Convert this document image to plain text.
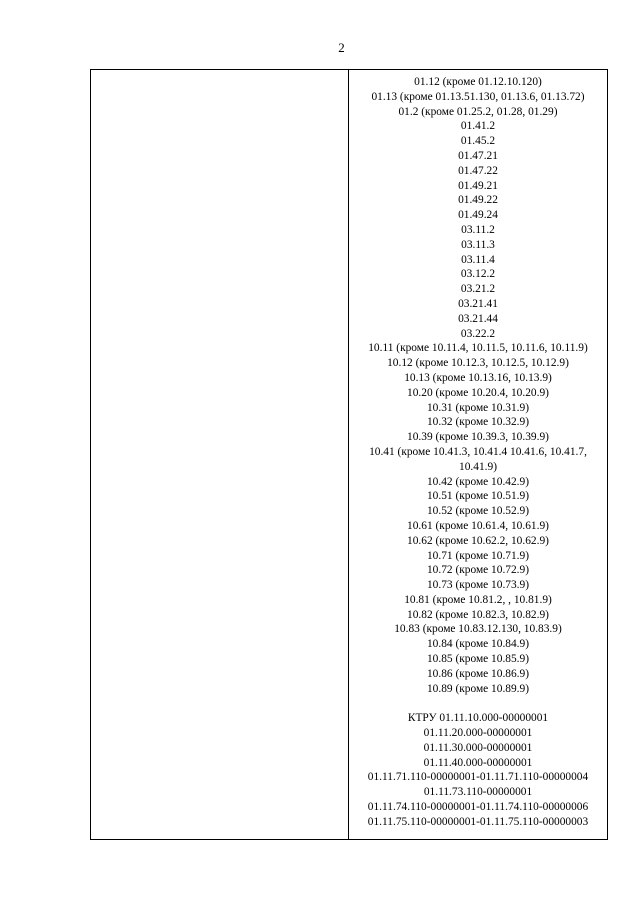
2

01.12 (кроме 01.12.10.120)
01.13 (кроме 01.13.51.130, 01.13.6, 01.13.72)
01.2 (кроме 01.25.2, 01.28, 01.29)
01.41.2
01.45.2
01.47.21
01.47.22
01.49.21
01.49.22
01.49.24
03.11.2
03.11.3
03.11.4
03.12.2
03.21.2
03.21.41
03.21.44
03.22.2
10.11 (кроме 10.11.4, 10.11.5, 10.11.6, 10.11.9)
10.12 (кроме 10.12.3, 10.12.5, 10.12.9)
10.13 (кроме 10.13.16, 10.13.9)
10.20 (кроме 10.20.4, 10.20.9)
10.31 (кроме 10.31.9)
10.32 (кроме 10.32.9)
10.39 (кроме 10.39.3, 10.39.9)
10.41 (кроме 10.41.3, 10.41.4 10.41.6, 10.41.7,
10.41.9)
10.42 (кроме 10.42.9)
10.51 (кроме 10.51.9)
10.52 (кроме 10.52.9)
10.61 (кроме 10.61.4, 10.61.9)
10.62 (кроме 10.62.2, 10.62.9)
10.71 (кроме 10.71.9)
10.72 (кроме 10.72.9)
10.73 (кроме 10.73.9)
10.81 (кроме 10.81.2, , 10.81.9)
10.82 (кроме 10.82.3, 10.82.9)
10.83 (кроме 10.83.12.130, 10.83.9)
10.84 (кроме 10.84.9)
10.85 (кроме 10.85.9)
10.86 (кроме 10.86.9)
10.89 (кроме 10.89.9)
КТРУ 01.11.10.000-00000001
01.11.20.000-00000001
01.11.30.000-00000001
01.11.40.000-00000001
01.11.71.110-00000001-01.11.71.110-00000004
01.11.73.110-00000001
01.11.74.110-00000001-01.11.74.110-00000006
01.11.75.110-00000001-01.11.75.110-00000003
